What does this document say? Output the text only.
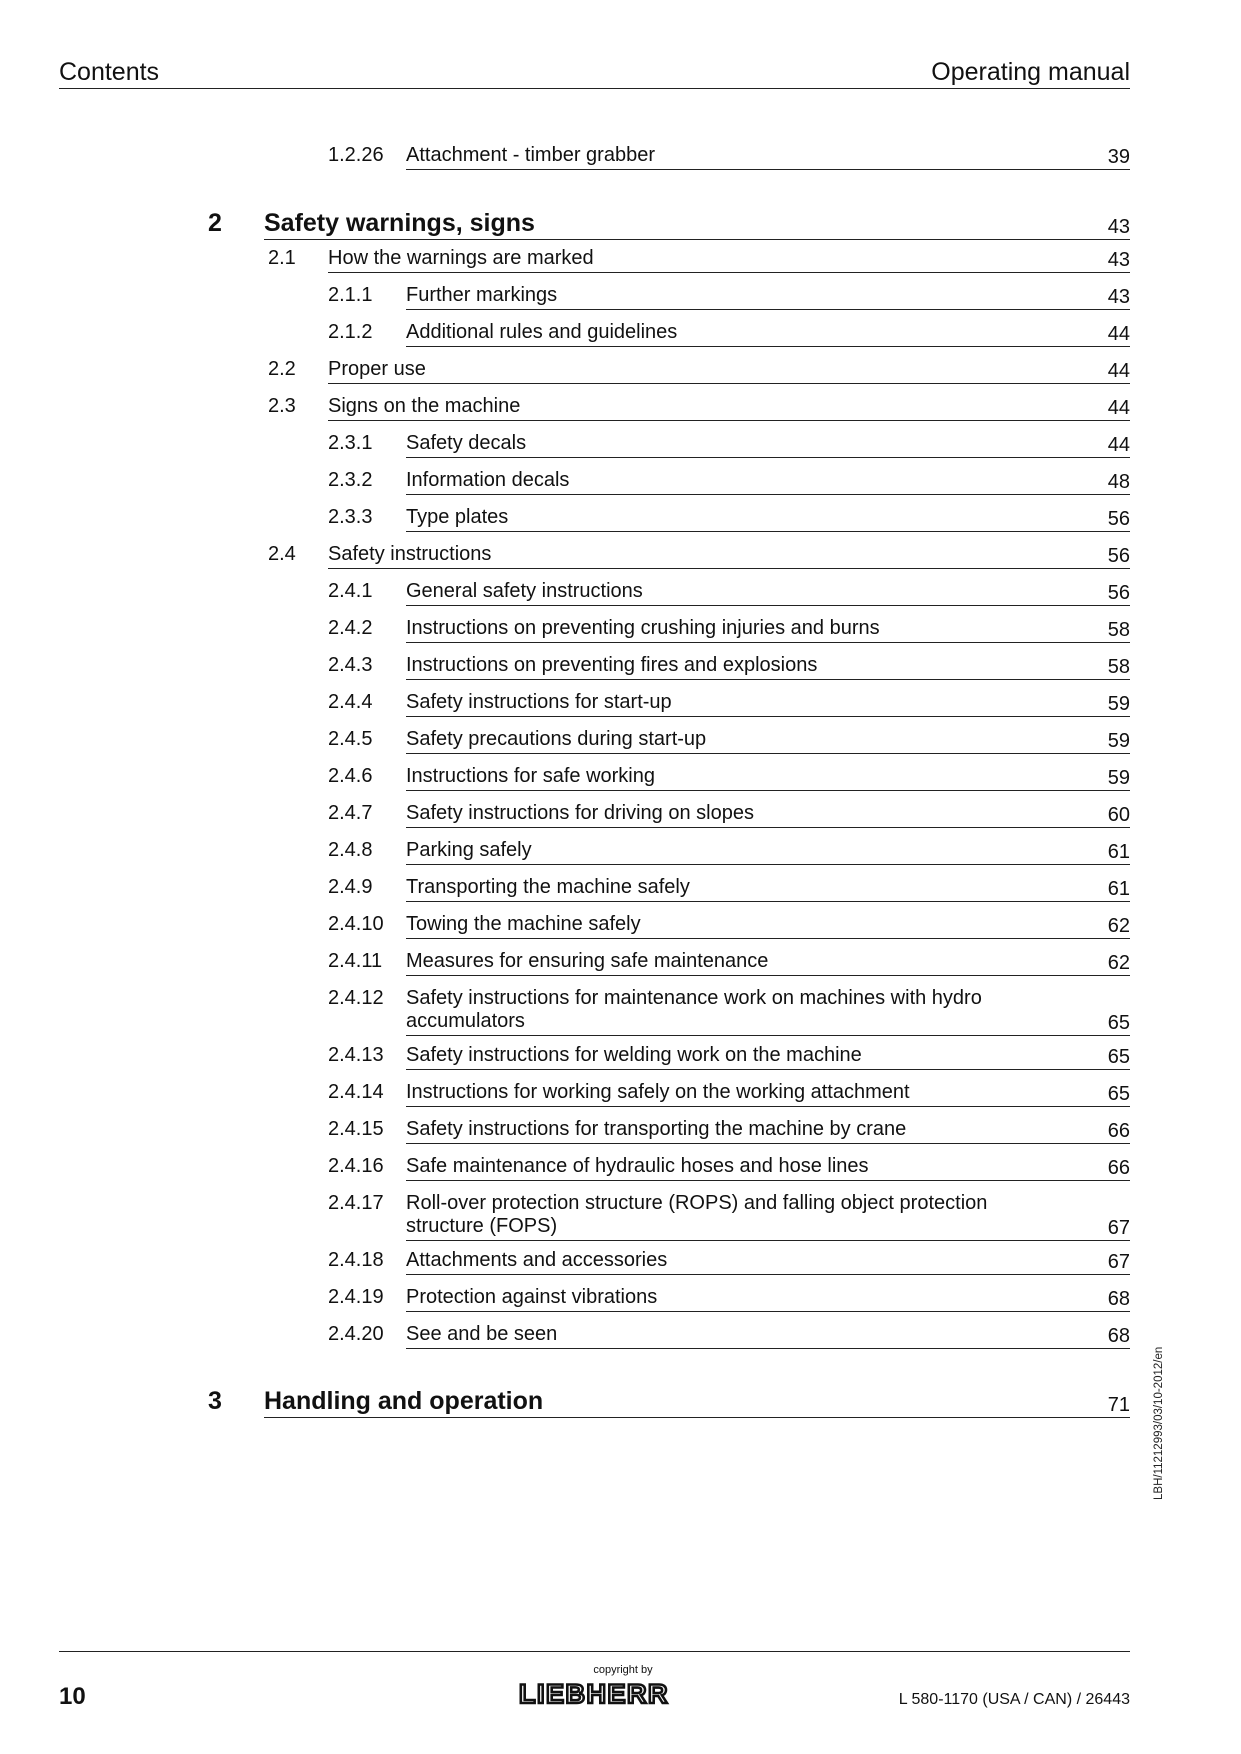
Contents	Operating manual
1.2.26 Attachment - timber grabber	39
2 Safety warnings, signs	43
2.1 How the warnings are marked	43
2.1.1 Further markings	43
2.1.2 Additional rules and guidelines	44
2.2 Proper use	44
2.3 Signs on the machine	44
2.3.1 Safety decals	44
2.3.2 Information decals	48
2.3.3 Type plates	56
2.4 Safety instructions	56
2.4.1 General safety instructions	56
2.4.2 Instructions on preventing crushing injuries and burns	58
2.4.3 Instructions on preventing fires and explosions	58
2.4.4 Safety instructions for start-up	59
2.4.5 Safety precautions during start-up	59
2.4.6 Instructions for safe working	59
2.4.7 Safety instructions for driving on slopes	60
2.4.8 Parking safely	61
2.4.9 Transporting the machine safely	61
2.4.10 Towing the machine safely	62
2.4.11 Measures for ensuring safe maintenance	62
2.4.12 Safety instructions for maintenance work on machines with hydro
accumulators	65
2.4.13 Safety instructions for welding work on the machine	65
2.4.14 Instructions for working safely on the working attachment	65
2.4.15 Safety instructions for transporting the machine by crane	66
2.4.16 Safe maintenance of hydraulic hoses and hose lines	66
2.4.17 Roll-over protection structure (ROPS) and falling object protection
structure (FOPS)	67
2.4.18 Attachments and accessories	67
2.4.19 Protection against vibrations	68
2.4.20 See and be seen	68
3 Handling and operation	71 LBH/11212993/03/10-2012/en
10
copyright by
LIEBHERR	L 580-1170 (USA / CAN) / 26443
